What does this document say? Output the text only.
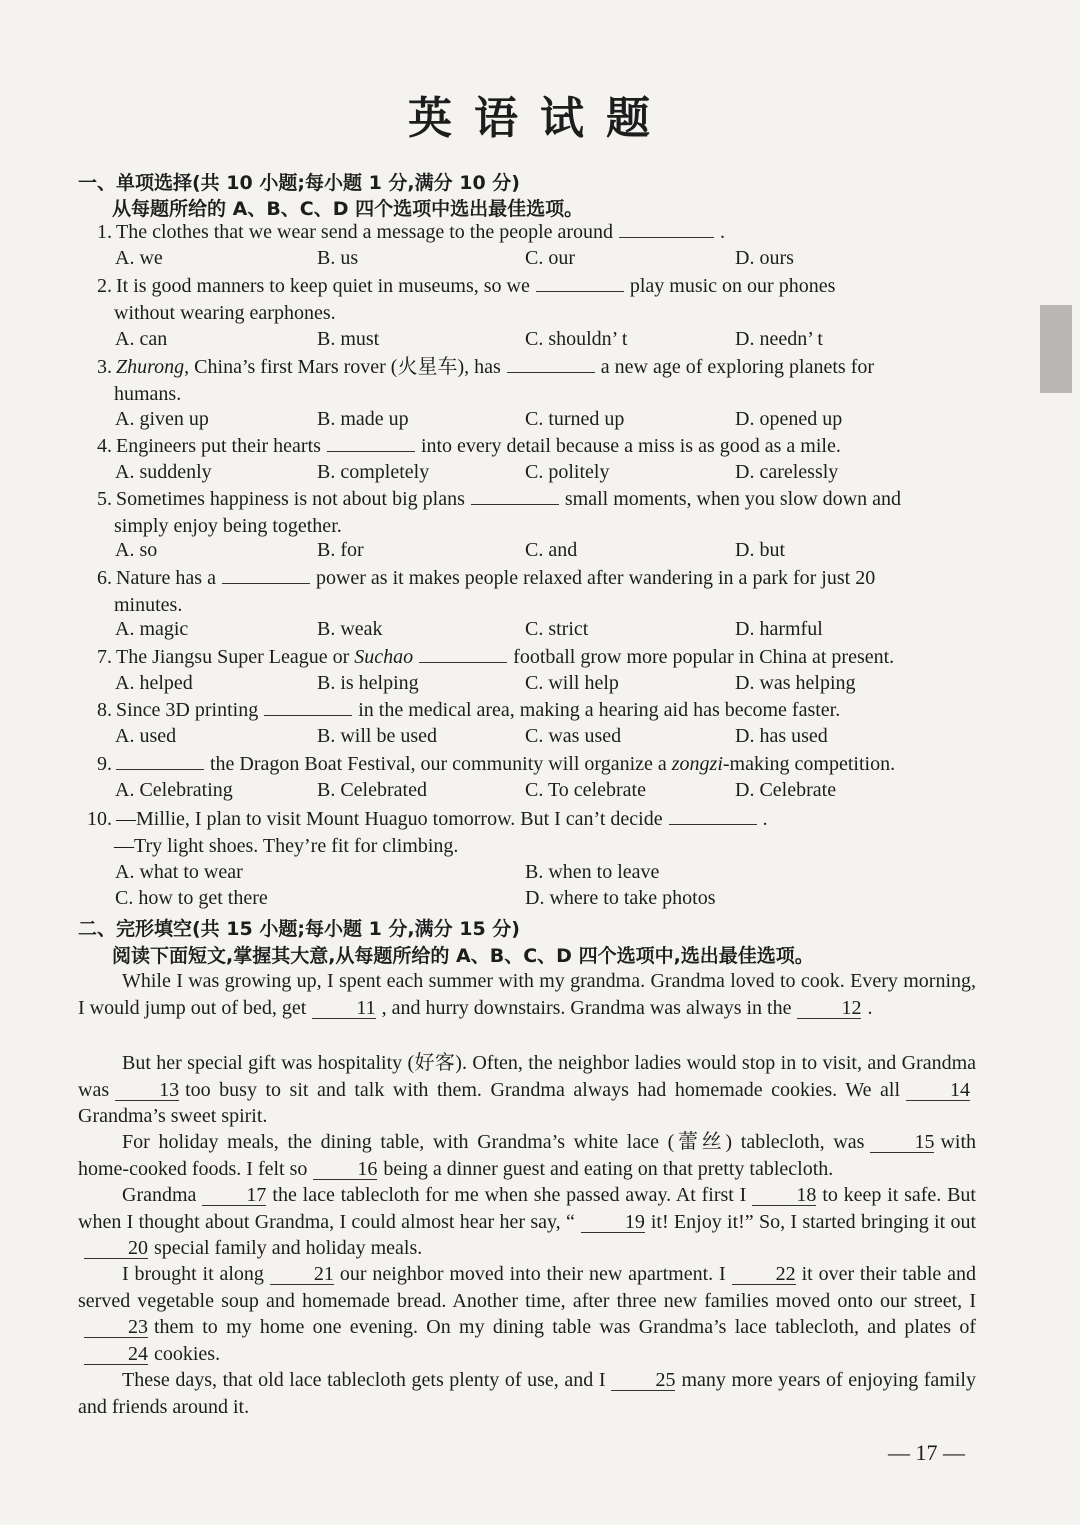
英语试题
一、单项选择(共 10 小题;每小题 1 分,满分 10 分)
从每题所给的 A、B、C、D 四个选项中选出最佳选项。
1. The clothes that we wear send a message to the people around	.
A. we	B. us	C. our	D. ours
2. It is good manners to keep quiet in museums, so we	play music on our phones
without wearing earphones.
A. can	B. must	C. shouldn’ t	D. needn’ t
3. Zhurong, China’s first Mars rover (火星车), has	a new age of exploring planets for
humans.
A. given up	B. made up	C. turned up	D. opened up
4. Engineers put their hearts	into every detail because a miss is as good as a mile.
A. suddenly	B. completely	C. politely	D. carelessly
5. Sometimes happiness is not about big plans	small moments, when you slow down and
simply enjoy being together.
A. so	B. for	C. and	D. but
6. Nature has a	power as it makes people relaxed after wandering in a park for just 20
minutes.
A. magic	B. weak	C. strict	D. harmful
7. The Jiangsu Super League or Suchao	football grow more popular in China at present.
A. helped	B. is helping	C. will help	D. was helping
8. Since 3D printing	in the medical area, making a hearing aid has become faster.
A. used	B. will be used	C. was used	D. has used
9.	the Dragon Boat Festival, our community will organize a zongzi-making competition.
A. Celebrating	B. Celebrated	C. To celebrate	D. Celebrate
10. —Millie, I plan to visit Mount Huaguo tomorrow. But I can’t decide	.
—Try light shoes. They’re fit for climbing.
A. what to wear	B. when to leave
C. how to get there	D. where to take photos
二、完形填空(共 15 小题;每小题 1 分,满分 15 分)
阅读下面短文,掌握其大意,从每题所给的 A、B、C、D 四个选项中,选出最佳选项。
While I was growing up, I spent each summer with my grandma. Grandma loved to cook. Every morning, I would jump out of bed, get	11 , and hurry downstairs. Grandma was always in the	12 .
But her special gift was hospitality (好客). Often, the neighbor ladies would stop in to visit, and Grandma was	13 too busy to sit and talk with them. Grandma always had homemade cookies. We all	14Grandma’s sweet spirit.
For holiday meals, the dining table, with Grandma’s white lace (蕾丝) tablecloth, was	15 with home-cooked foods. I felt so	16 being a dinner guest and eating on that pretty tablecloth.
Grandma	17 the lace tablecloth for me when she passed away. At first I	18 to keep it safe. But when I thought about Grandma, I could almost hear her say, “	19 it! Enjoy it!” So, I started bringing it out20 special family and holiday meals.
I brought it along	21 our neighbor moved into their new apartment. I	22 it over their table and served vegetable soup and homemade bread. Another time, after three new families moved onto our street, I23 them to my home one evening. On my dining table was Grandma’s lace tablecloth, and plates of24 cookies.
These days, that old lace tablecloth gets plenty of use, and I	25 many more years of enjoying family and friends around it.
— 17 —
